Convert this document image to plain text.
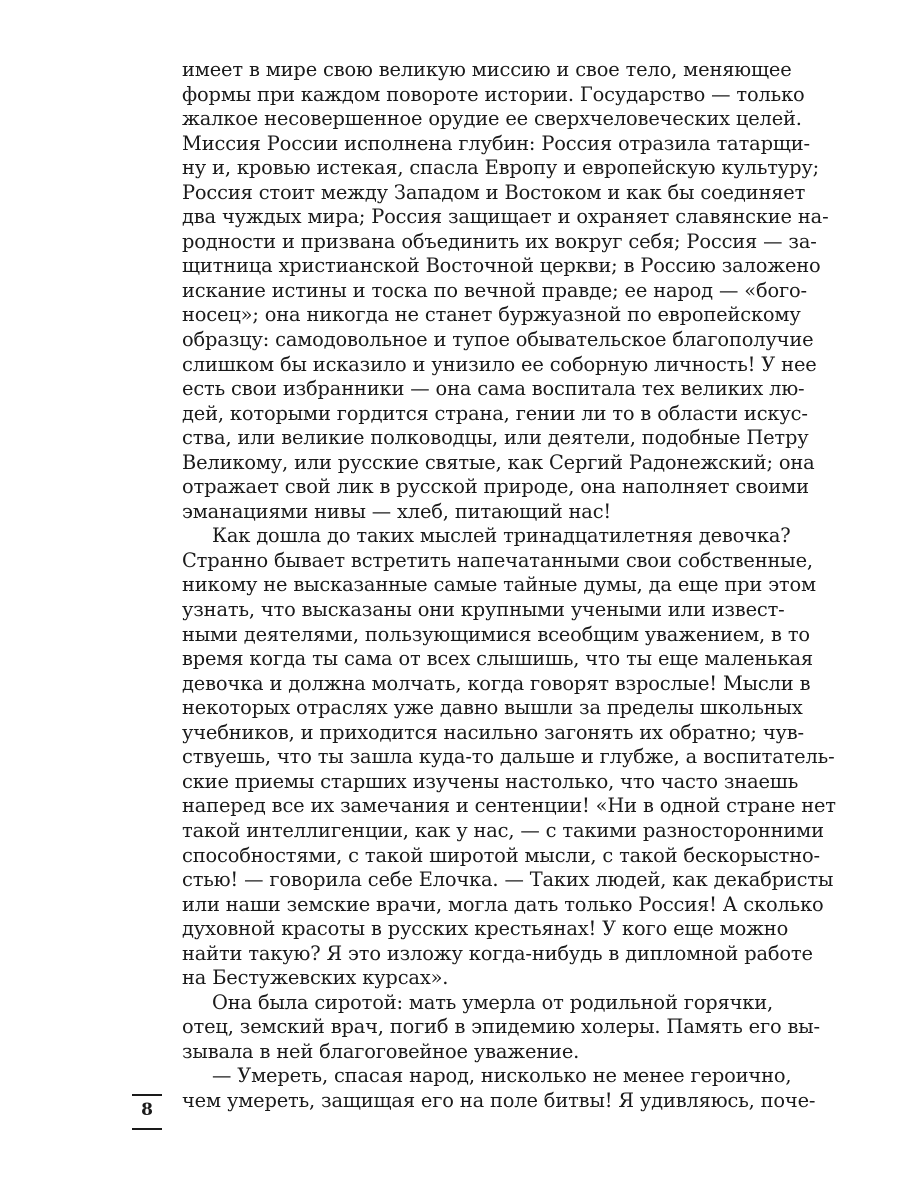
имеет в мире свою великую миссию и свое тело, меняющее
формы при каждом повороте истории. Государство — только
жалкое несовершенное орудие ее сверхчеловеческих целей.
Миссия России исполнена глубин: Россия отразила татарщи-
ну и, кровью истекая, спасла Европу и европейскую культуру;
Россия стоит между Западом и Востоком и как бы соединяет
два чуждых мира; Россия защищает и охраняет славянские на-
родности и призвана объединить их вокруг себя; Россия — за-
щитница христианской Восточной церкви; в Россию заложено
искание истины и тоска по вечной правде; ее народ — «бого-
носец»; она никогда не станет буржуазной по европейскому
образцу: самодовольное и тупое обывательское благополучие
слишком бы исказило и унизило ее соборную личность! У нее
есть свои избранники — она сама воспитала тех великих лю-
дей, которыми гордится страна, гении ли то в области искус-
ства, или великие полководцы, или деятели, подобные Петру
Великому, или русские святые, как Сергий Радонежский; она
отражает свой лик в русской природе, она наполняет своими
эманациями нивы — хлеб, питающий нас!
Как дошла до таких мыслей тринадцатилетняя девочка?
Странно бывает встретить напечатанными свои собственные,
никому не высказанные самые тайные думы, да еще при этом
узнать, что высказаны они крупными учеными или извест-
ными деятелями, пользующимися всеобщим уважением, в то
время когда ты сама от всех слышишь, что ты еще маленькая
девочка и должна молчать, когда говорят взрослые! Мысли в
некоторых отраслях уже давно вышли за пределы школьных
учебников, и приходится насильно загонять их обратно; чув-
ствуешь, что ты зашла куда-то дальше и глубже, а воспитатель-
ские приемы старших изучены настолько, что часто знаешь
наперед все их замечания и сентенции! «Ни в одной стране нет
такой интеллигенции, как у нас, — с такими разносторонними
способностями, с такой широтой мысли, с такой бескорыстно-
стью! — говорила себе Елочка. — Таких людей, как декабристы
или наши земские врачи, могла дать только Россия! А сколько
духовной красоты в русских крестьянах! У кого еще можно
найти такую? Я это изложу когда-нибудь в дипломной работе
на Бестужевских курсах».
Она была сиротой: мать умерла от родильной горячки,
отец, земский врач, погиб в эпидемию холеры. Память его вы-
зывала в ней благоговейное уважение.
— Умереть, спасая народ, нисколько не менее героично,
чем умереть, защищая его на поле битвы! Я удивляюсь, поче-
8
